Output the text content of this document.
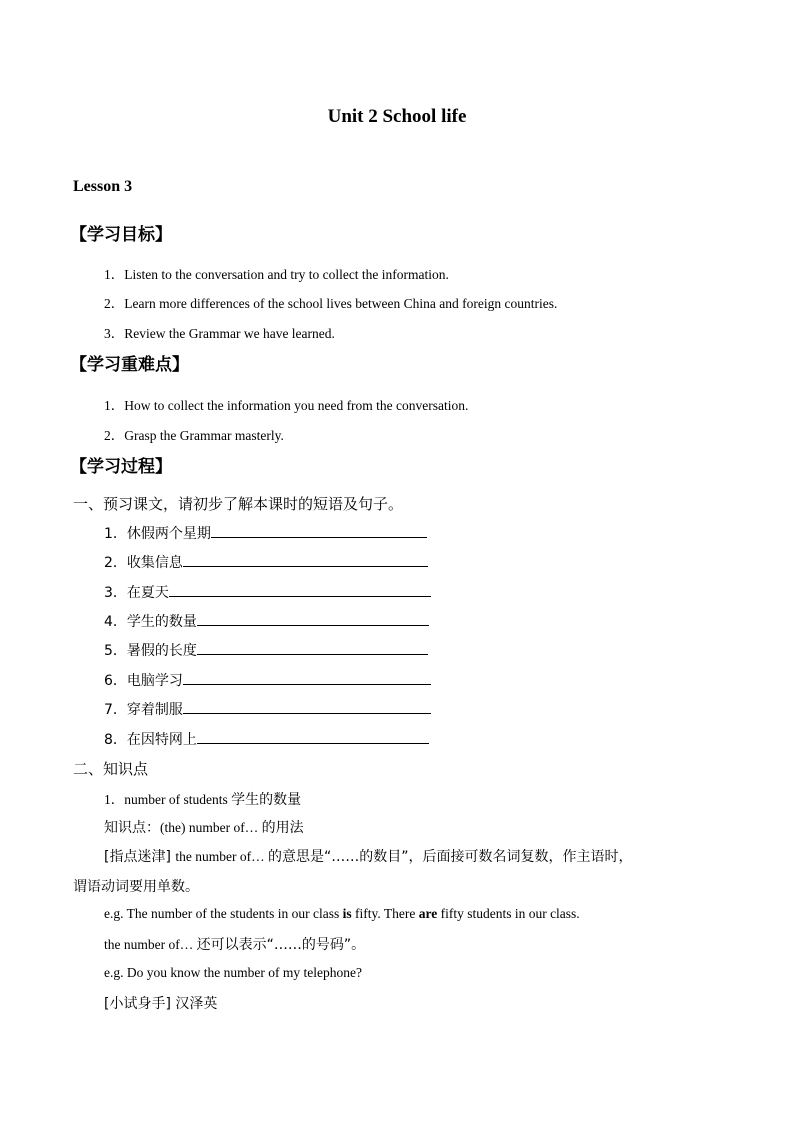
Unit 2 School life
Lesson 3
【学习目标】
1．Listen to the conversation and try to collect the information.
2．Learn more differences of the school lives between China and foreign countries.
3．Review the Grammar we have learned.
【学习重难点】
1．How to collect the information you need from the conversation.
2．Grasp the Grammar masterly.
【学习过程】
一、预习课文，请初步了解本课时的短语及句子。
1．休假两个星期
2．收集信息
3．在夏天
4．学生的数量
5．暑假的长度
6．电脑学习
7．穿着制服
8．在因特网上
二、知识点
1．number of students 学生的数量
知识点：(the) number of… 的用法
[指点迷津] the number of… 的意思是“……的数目”，后面接可数名词复数，作主语时，
谓语动词要用单数。
e.g. The number of the students in our class is fifty. There are fifty students in our class.
the number of… 还可以表示“……的号码”。
e.g. Do you know the number of my telephone?
[小试身手] 汉泽英
